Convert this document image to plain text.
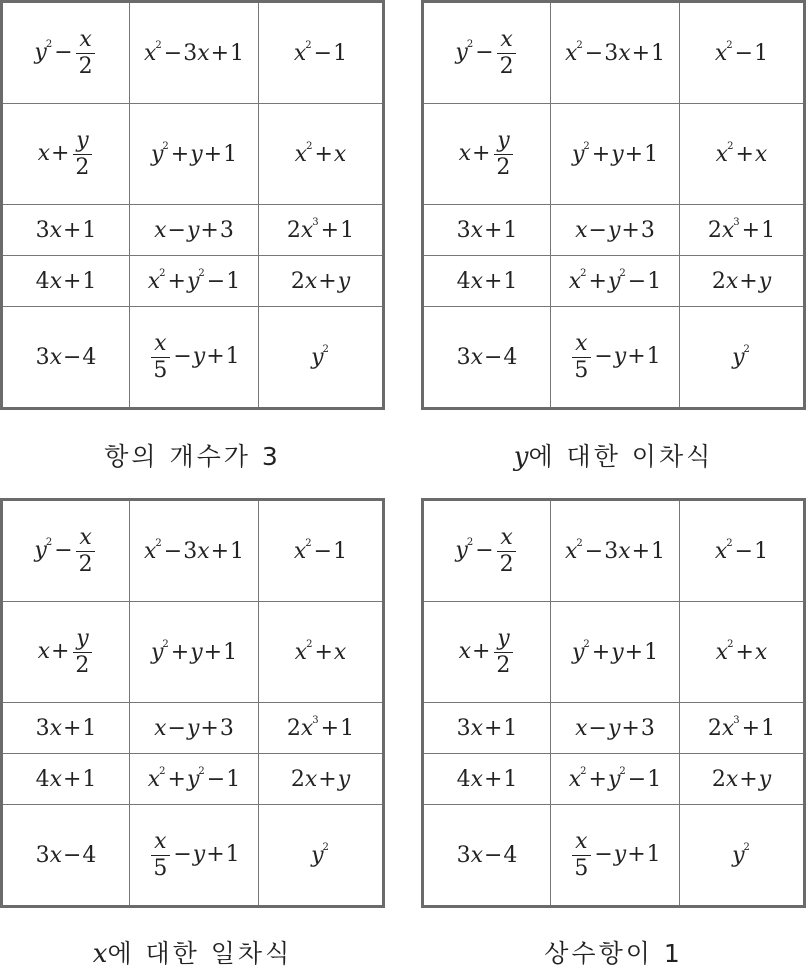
$y^2- \frac{x}{2}$	$x^2-3x+1$	$x^2-1$
$x+ \frac{y}{2}$	$y^2+y+1$	$x^2+x$
3x+1	x−y+3	$2x^3+1$
4x+1	$x^2+y^2-1$	2x+y
3x−4	$\frac{x}{5} -y+1$	$y^2$
$y^2- \frac{x}{2}$	$x^2-3x+1$	$x^2-1$
$x+ \frac{y}{2}$	$y^2+y+1$	$x^2+x$
3x+1	x−y+3	$2x^3+1$
4x+1	$x^2+y^2-1$	2x+y
3x−4	$\frac{x}{5} -y+1$	$y^2$
$y^2- \frac{x}{2}$	$x^2-3x+1$	$x^2-1$
$x+ \frac{y}{2}$	$y^2+y+1$	$x^2+x$
3x+1	x−y+3	$2x^3+1$
4x+1	$x^2+y^2-1$	2x+y
3x−4	$\frac{x}{5} -y+1$	$y^2$
$y^2- \frac{x}{2}$	$x^2-3x+1$	$x^2-1$
$x+ \frac{y}{2}$	$y^2+y+1$	$x^2+x$
3x+1	x−y+3	$2x^3+1$
4x+1	$x^2+y^2-1$	2x+y
3x−4	$\frac{x}{5} -y+1$	$y^2$
항의 개수가 3	y에 대한 이차식
x에 대한 일차식	상수항이 1
